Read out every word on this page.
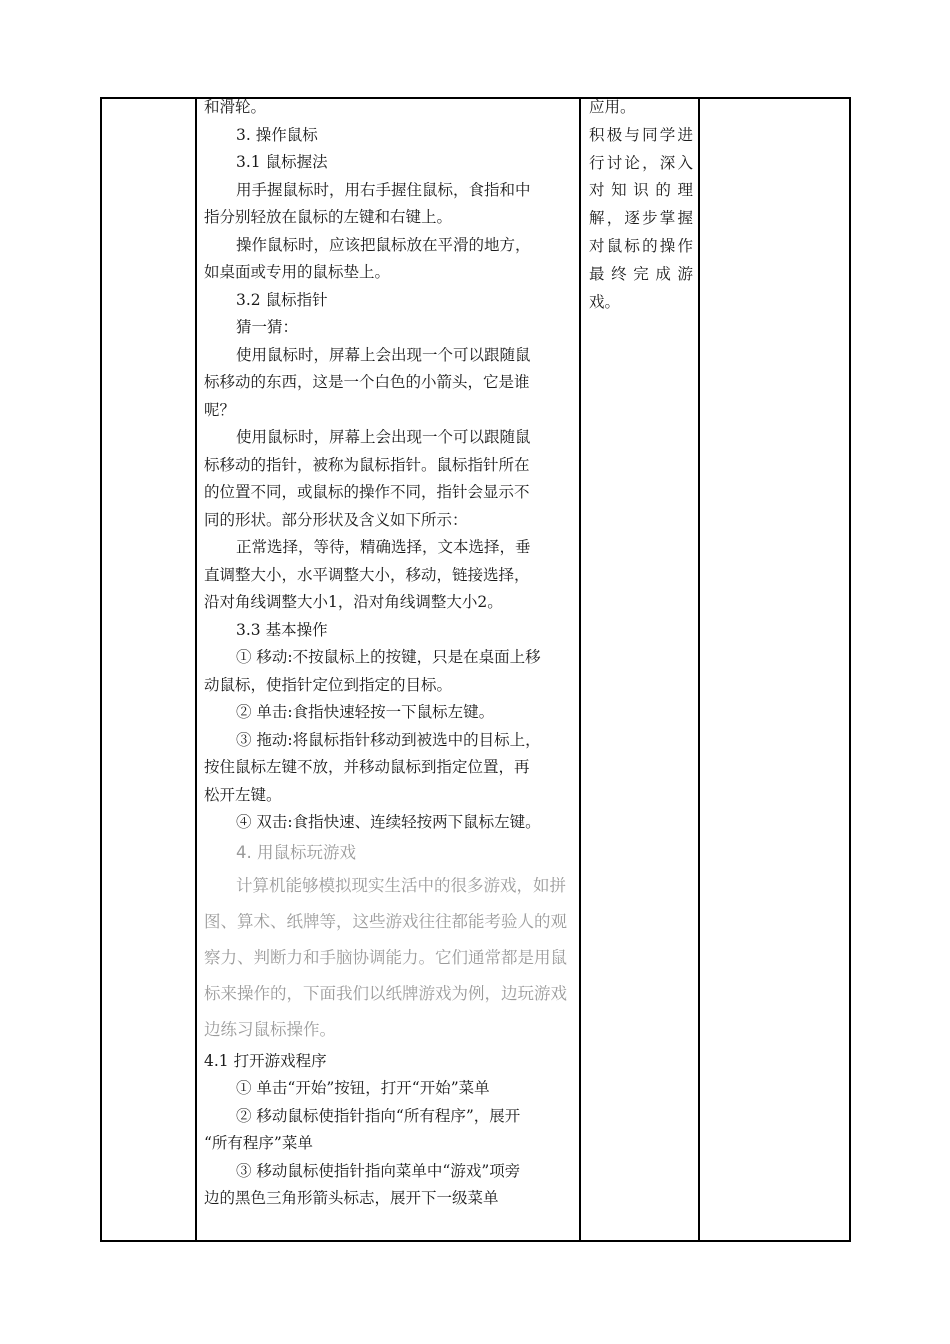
和滑轮。

3. 操作鼠标

3.1 鼠标握法

用手握鼠标时，用右手握住鼠标，食指和中

指分别轻放在鼠标的左键和右键上。

操作鼠标时，应该把鼠标放在平滑的地方，

如桌面或专用的鼠标垫上。

3.2 鼠标指针

猜一猜：

使用鼠标时，屏幕上会出现一个可以跟随鼠

标移动的东西，这是一个白色的小箭头，它是谁

呢？

使用鼠标时，屏幕上会出现一个可以跟随鼠

标移动的指针，被称为鼠标指针。鼠标指针所在

的位置不同，或鼠标的操作不同，指针会显示不

同的形状。部分形状及含义如下所示：

正常选择，等待，精确选择，文本选择，垂

直调整大小，水平调整大小，移动，链接选择，

沿对角线调整大小1，沿对角线调整大小2。

3.3 基本操作

① 移动:不按鼠标上的按键，只是在桌面上移

动鼠标，使指针定位到指定的目标。

② 单击:食指快速轻按一下鼠标左键。

③ 拖动:将鼠标指针移动到被选中的目标上，

按住鼠标左键不放，并移动鼠标到指定位置，再

松开左键。

④ 双击:食指快速、连续轻按两下鼠标左键。

4. 用鼠标玩游戏

计算机能够模拟现实生活中的很多游戏，如拼

图、算术、纸牌等，这些游戏往往都能考验人的观

察力、判断力和手脑协调能力。它们通常都是用鼠

标来操作的，下面我们以纸牌游戏为例，边玩游戏

边练习鼠标操作。

4.1 打开游戏程序

① 单击“开始”按钮，打开“开始”菜单

② 移动鼠标使指针指向“所有程序”，展开

“所有程序”菜单

③ 移动鼠标使指针指向菜单中“游戏”项旁

边的黑色三角形箭头标志，展开下一级菜单

应用。

积极与同学进

行讨论，深入

对知识的理

解，逐步掌握

对鼠标的操作

最终完成游

戏。
